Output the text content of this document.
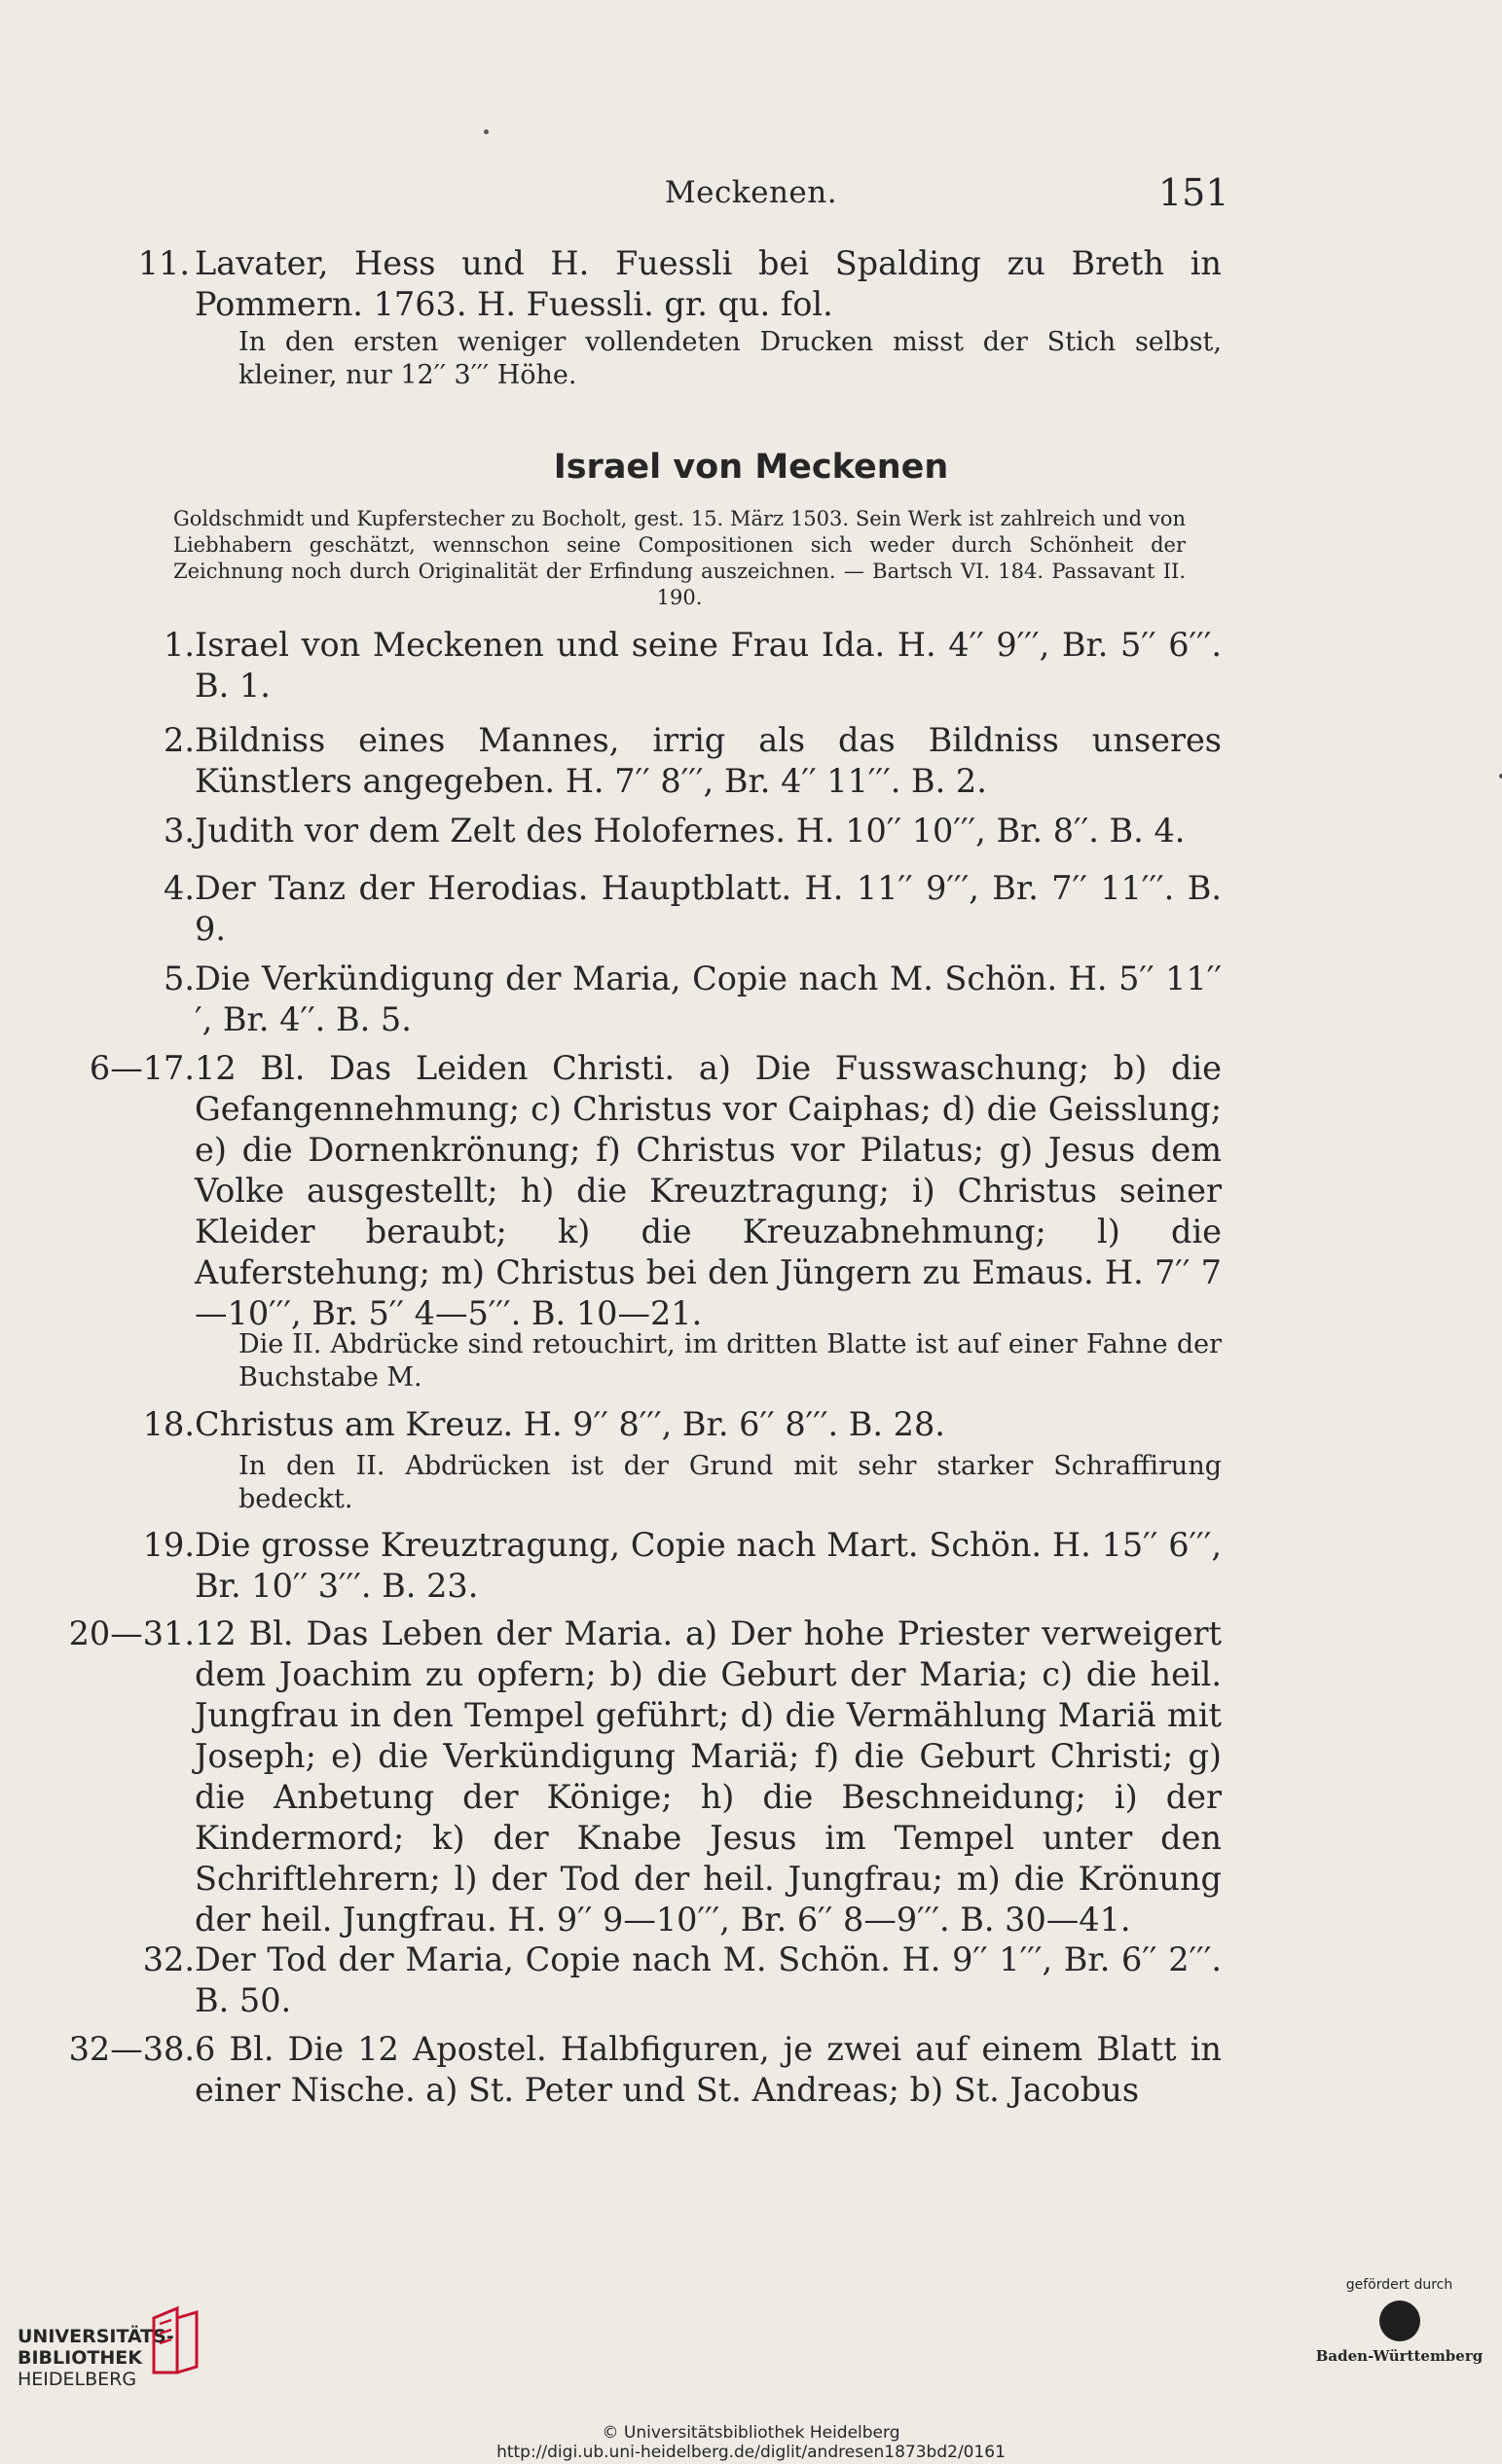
Meckenen.	151
11. Lavater, Hess und H. Fuessli bei Spalding zu Breth in Pommern. 1763. H. Fuessli. gr. qu. fol.
In den ersten weniger vollendeten Drucken misst der Stich selbst, kleiner, nur 12′′ 3′′′ Höhe.
Israel von Meckenen
Goldschmidt und Kupferstecher zu Bocholt, gest. 15. März 1503. Sein Werk ist zahlreich und von Liebhabern geschätzt, wennschon seine Compositionen sich weder durch Schönheit der Zeichnung noch durch Originalität der Erfindung auszeichnen. — Bartsch VI. 184. Passavant II. 190.
1. Israel von Meckenen und seine Frau Ida. H. 4′′ 9′′′, Br. 5′′ 6′′′. B. 1.
2. Bildniss eines Mannes, irrig als das Bildniss unseres Künstlers angegeben. H. 7′′ 8′′′, Br. 4′′ 11′′′. B. 2.
3. Judith vor dem Zelt des Holofernes. H. 10′′ 10′′′, Br. 8′′. B. 4.
4. Der Tanz der Herodias. Hauptblatt. H. 11′′ 9′′′, Br. 7′′ 11′′′. B. 9.
5. Die Verkündigung der Maria, Copie nach M. Schön. H. 5′′ 11′′′, Br. 4′′. B. 5.
6—17. 12 Bl. Das Leiden Christi. a) Die Fusswaschung; b) die Gefangennehmung; c) Christus vor Caiphas; d) die Geisslung; e) die Dornenkrönung; f) Christus vor Pilatus; g) Jesus dem Volke ausgestellt; h) die Kreuztragung; i) Christus seiner Kleider beraubt; k) die Kreuzabnehmung; l) die Auferstehung; m) Christus bei den Jüngern zu Emaus. H. 7′′ 7—10′′′, Br. 5′′ 4—5′′′. B. 10—21.
Die II. Abdrücke sind retouchirt, im dritten Blatte ist auf einer Fahne der Buchstabe M.
18. Christus am Kreuz. H. 9′′ 8′′′, Br. 6′′ 8′′′. B. 28.
In den II. Abdrücken ist der Grund mit sehr starker Schraffirung bedeckt.
19. Die grosse Kreuztragung, Copie nach Mart. Schön. H. 15′′ 6′′′, Br. 10′′ 3′′′. B. 23.
20—31. 12 Bl. Das Leben der Maria. a) Der hohe Priester verweigert dem Joachim zu opfern; b) die Geburt der Maria; c) die heil. Jungfrau in den Tempel geführt; d) die Vermählung Mariä mit Joseph; e) die Verkündigung Mariä; f) die Geburt Christi; g) die Anbetung der Könige; h) die Beschneidung; i) der Kindermord; k) der Knabe Jesus im Tempel unter den Schriftlehrern; l) der Tod der heil. Jungfrau; m) die Krönung der heil. Jungfrau. H. 9′′ 9—10′′′, Br. 6′′ 8—9′′′. B. 30—41.
32. Der Tod der Maria, Copie nach M. Schön. H. 9′′ 1′′′, Br. 6′′ 2′′′. B. 50.
32—38. 6 Bl. Die 12 Apostel. Halbfiguren, je zwei auf einem Blatt in einer Nische. a) St. Peter und St. Andreas; b) St. Jacobus
UNIVERSITÄTS-
BIBLIOTHEK
HEIDELBERG
© Universitätsbibliothek Heidelberg
http://digi.ub.uni-heidelberg.de/diglit/andresen1873bd2/0161
gefördert durch
Baden-Württemberg
